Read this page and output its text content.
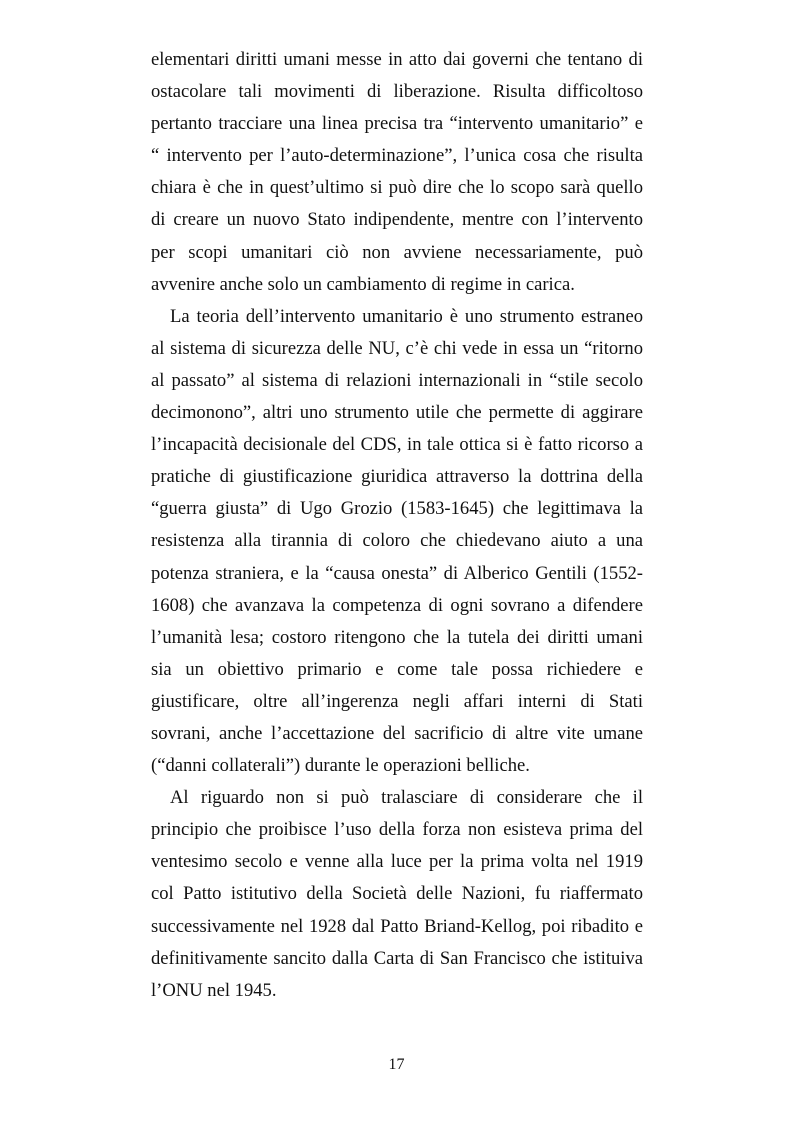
elementari diritti umani messe in atto dai governi che tentano di
ostacolare tali movimenti di liberazione. Risulta difficoltoso
pertanto tracciare una linea precisa tra “intervento umanitario” e
“ intervento per l’auto-determinazione”, l’unica cosa che risulta
chiara è che in quest’ultimo si può dire che lo scopo sarà quello
di creare un nuovo Stato indipendente, mentre con l’intervento
per scopi umanitari ciò non avviene necessariamente, può
avvenire anche solo un cambiamento di regime in carica.
La teoria dell’intervento umanitario è uno strumento estraneo
al sistema di sicurezza delle NU, c’è chi vede in essa un “ritorno
al passato” al sistema di relazioni internazionali in “stile secolo
decimonono”, altri uno strumento utile che permette di aggirare
l’incapacità decisionale del CDS, in tale ottica si è fatto ricorso a
pratiche di giustificazione giuridica attraverso la dottrina della
“guerra giusta” di Ugo Grozio (1583-1645) che legittimava la
resistenza alla tirannia di coloro che chiedevano aiuto a una
potenza straniera, e la “causa onesta” di Alberico Gentili (1552-
1608) che avanzava la competenza di ogni sovrano a difendere
l’umanità lesa; costoro ritengono che la tutela dei diritti umani
sia un obiettivo primario e come tale possa richiedere e
giustificare, oltre all’ingerenza negli affari interni di Stati
sovrani, anche l’accettazione del sacrificio di altre vite umane
(“danni collaterali”) durante le operazioni belliche.
Al riguardo non si può tralasciare di considerare che il
principio che proibisce l’uso della forza non esisteva prima del
ventesimo secolo e venne alla luce per la prima volta nel 1919
col Patto istitutivo della Società delle Nazioni, fu riaffermato
successivamente nel 1928 dal Patto Briand-Kellog, poi ribadito e
definitivamente sancito dalla Carta di San Francisco che istituiva
l’ONU nel 1945.
17
